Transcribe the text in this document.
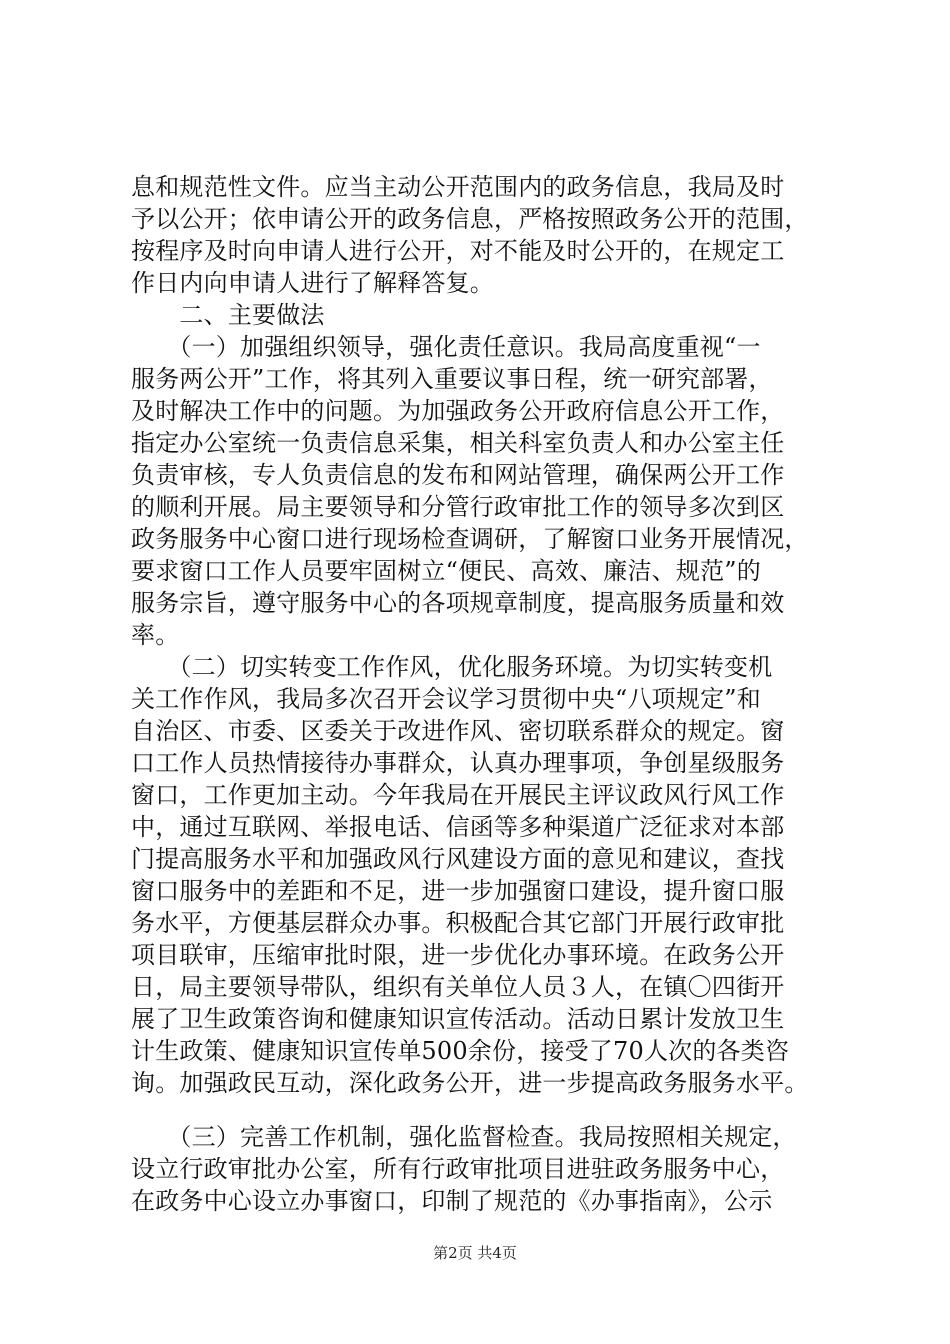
息和规范性文件。应当主动公开范围内的政务信息，我局及时
予以公开；依申请公开的政务信息，严格按照政务公开的范围，
按程序及时向申请人进行公开，对不能及时公开的，在规定工
作日内向申请人进行了解释答复。
　　二、主要做法
　　（一）加强组织领导，强化责任意识。我局高度重视“一
服务两公开”工作，将其列入重要议事日程，统一研究部署，
及时解决工作中的问题。为加强政务公开政府信息公开工作，
指定办公室统一负责信息采集，相关科室负责人和办公室主任
负责审核，专人负责信息的发布和网站管理，确保两公开工作
的顺利开展。局主要领导和分管行政审批工作的领导多次到区
政务服务中心窗口进行现场检查调研，了解窗口业务开展情况，
要求窗口工作人员要牢固树立“便民、高效、廉洁、规范”的
服务宗旨，遵守服务中心的各项规章制度，提高服务质量和效
率。
　　（二）切实转变工作作风，优化服务环境。为切实转变机
关工作作风，我局多次召开会议学习贯彻中央“八项规定”和
自治区、市委、区委关于改进作风、密切联系群众的规定。窗
口工作人员热情接待办事群众，认真办理事项，争创星级服务
窗口，工作更加主动。今年我局在开展民主评议政风行风工作
中，通过互联网、举报电话、信函等多种渠道广泛征求对本部
门提高服务水平和加强政风行风建设方面的意见和建议，查找
窗口服务中的差距和不足，进一步加强窗口建设，提升窗口服
务水平，方便基层群众办事。积极配合其它部门开展行政审批
项目联审，压缩审批时限，进一步优化办事环境。在政务公开
日，局主要领导带队，组织有关单位人员３人，在镇〇四街开
展了卫生政策咨询和健康知识宣传活动。活动日累计发放卫生
计生政策、健康知识宣传单500余份，接受了70人次的各类咨
询。加强政民互动，深化政务公开，进一步提高政务服务水平。
　　（三）完善工作机制，强化监督检查。我局按照相关规定，
设立行政审批办公室，所有行政审批项目进驻政务服务中心，
在政务中心设立办事窗口，印制了规范的《办事指南》，公示
第2页 共4页
